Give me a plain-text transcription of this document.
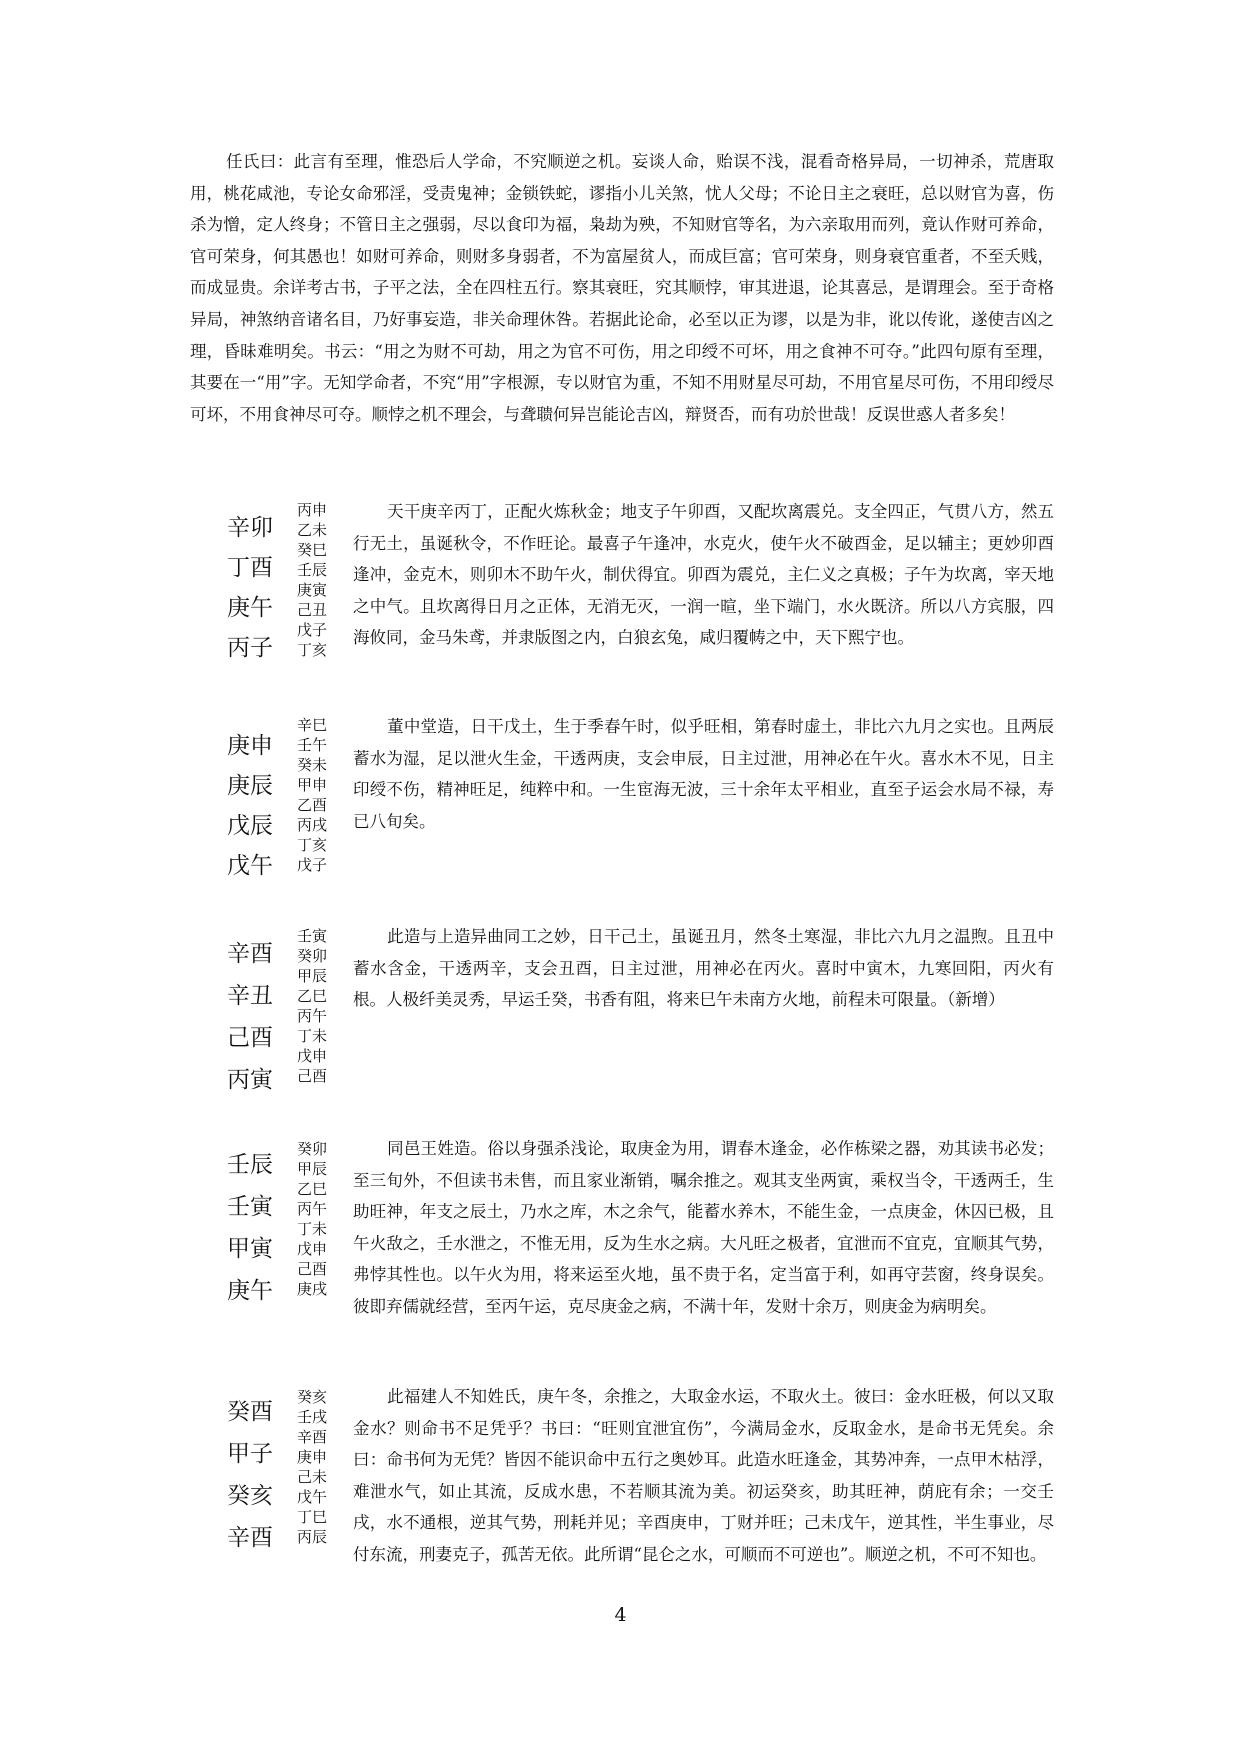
任氏曰：此言有至理，惟恐后人学命，不究顺逆之机。妄谈人命，贻误不浅，混看奇格异局，一切神杀，荒唐取用，桃花咸池，专论女命邪淫，受责鬼神；金锁铁蛇，谬指小儿关煞，忧人父母；不论日主之衰旺，总以财官为喜，伤杀为憎，定人终身；不管日主之强弱，尽以食印为福，枭劫为殃，不知财官等名，为六亲取用而列，竟认作财可养命，官可荣身，何其愚也！如财可养命，则财多身弱者，不为富屋贫人，而成巨富；官可荣身，则身衰官重者，不至夭贱，而成显贵。余详考古书，子平之法，全在四柱五行。察其衰旺，究其顺悖，审其进退，论其喜忌，是谓理会。至于奇格异局，神煞纳音诸名目，乃好事妄造，非关命理休咎。若据此论命，必至以正为谬，以是为非，讹以传讹，遂使吉凶之理，昏昧难明矣。书云：“用之为财不可劫，用之为官不可伤，用之印绶不可坏，用之食神不可夺。”此四句原有至理，其要在一“用”字。无知学命者，不究“用”字根源，专以财官为重，不知不用财星尽可劫，不用官星尽可伤，不用印绶尽可坏，不用食神尽可夺。顺悖之机不理会，与聋聩何异岂能论吉凶，辩贤否，而有功於世哉！反误世惑人者多矣！

辛卯
丁酉
庚午
丙子
丙申
乙未
癸巳
壬辰
庚寅
己丑
戊子
丁亥

天干庚辛丙丁，正配火炼秋金；地支子午卯酉，又配坎离震兑。支全四正，气贯八方，然五行无土，虽诞秋令，不作旺论。最喜子午逢冲，水克火，使午火不破酉金，足以辅主；更妙卯酉逢冲，金克木，则卯木不助午火，制伏得宜。卯酉为震兑，主仁义之真极；子午为坎离，宰天地之中气。且坎离得日月之正体，无消无灭，一润一暄，坐下端门，水火既济。所以八方宾服，四海攸同，金马朱鸢，并隶版图之内，白狼玄兔，咸归覆帱之中，天下熙宁也。

庚申
庚辰
戊辰
戊午
辛巳
壬午
癸未
甲申
乙酉
丙戌
丁亥
戊子

董中堂造，日干戊土，生于季春午时，似乎旺相，第春时虚土，非比六九月之实也。且两辰蓄水为湿，足以泄火生金，干透两庚，支会申辰，日主过泄，用神必在午火。喜水木不见，日主印绶不伤，精神旺足，纯粹中和。一生宦海无波，三十余年太平相业，直至子运会水局不禄，寿已八旬矣。

辛酉
辛丑
己酉
丙寅
壬寅
癸卯
甲辰
乙巳
丙午
丁未
戊申
己酉

此造与上造异曲同工之妙，日干己土，虽诞丑月，然冬土寒湿，非比六九月之温煦。且丑中蓄水含金，干透两辛，支会丑酉，日主过泄，用神必在丙火。喜时中寅木，九寒回阳，丙火有根。人极纤美灵秀，早运壬癸，书香有阻，将来巳午未南方火地，前程未可限量。（新增）

壬辰
壬寅
甲寅
庚午
癸卯
甲辰
乙巳
丙午
丁未
戊申
己酉
庚戌

同邑王姓造。俗以身强杀浅论，取庚金为用，谓春木逢金，必作栋梁之器，劝其读书必发；至三旬外，不但读书未售，而且家业渐销，嘱余推之。观其支坐两寅，乘权当令，干透两壬，生助旺神，年支之辰土，乃水之库，木之余气，能蓄水养木，不能生金，一点庚金，休囚已极，且午火敌之，壬水泄之，不惟无用，反为生水之病。大凡旺之极者，宜泄而不宜克，宜顺其气势，弗悖其性也。以午火为用，将来运至火地，虽不贵于名，定当富于利，如再守芸窗，终身误矣。彼即弃儒就经营，至丙午运，克尽庚金之病，不满十年，发财十余万，则庚金为病明矣。

癸酉
甲子
癸亥
辛酉
癸亥
壬戌
辛酉
庚申
己未
戊午
丁巳
丙辰

此福建人不知姓氏，庚午冬，余推之，大取金水运，不取火土。彼曰：金水旺极，何以又取金水？则命书不足凭乎？书曰：“旺则宜泄宜伤”，今满局金水，反取金水，是命书无凭矣。余曰：命书何为无凭？皆因不能识命中五行之奥妙耳。此造水旺逢金，其势冲奔，一点甲木枯浮，难泄水气，如止其流，反成水患，不若顺其流为美。初运癸亥，助其旺神，荫庇有余；一交壬戌，水不通根，逆其气势，刑耗并见；辛酉庚申，丁财并旺；己未戊午，逆其性，半生事业，尽付东流，刑妻克子，孤苦无依。此所谓“昆仑之水，可顺而不可逆也”。顺逆之机，不可不知也。

4
